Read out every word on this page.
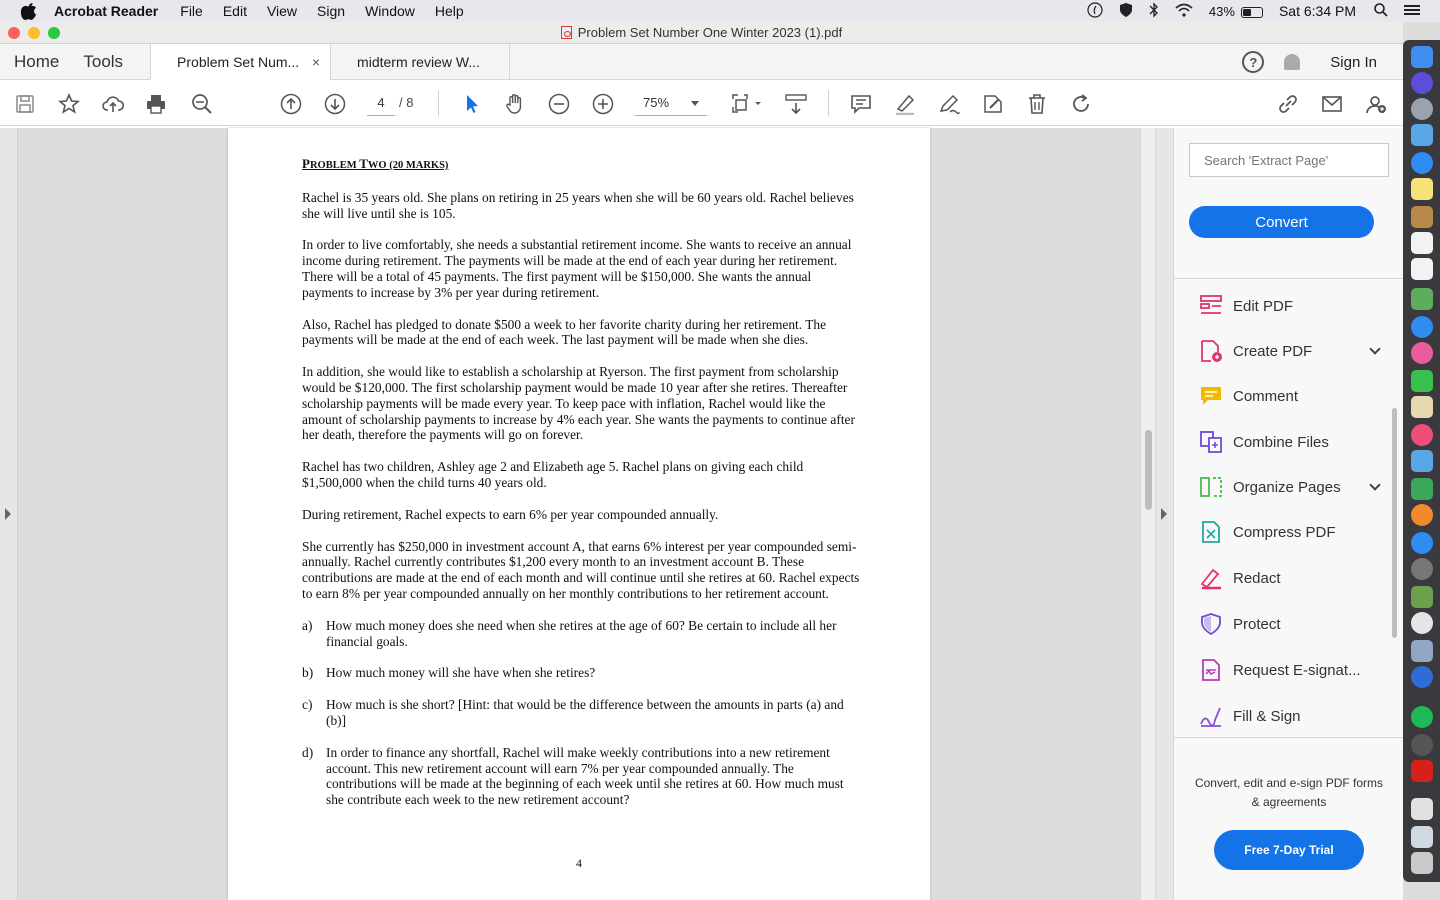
Acrobat Reader File Edit View Sign Window Help	43%	Sat 6:34 PM
Problem Set Number One Winter 2023 (1).pdf
Home	Tools	Problem Set Num... ×	midterm review W...	?	Sign In
4	/ 8	75%
PROBLEM TWO (20 MARKS)
Rachel is 35 years old. She plans on retiring in 25 years when she will be 60 years old. Rachel believes she will live until she is 105.
In order to live comfortably, she needs a substantial retirement income. She wants to receive an annual income during retirement. The payments will be made at the end of each year during her retirement. There will be a total of 45 payments. The first payment will be $150,000. She wants the annual payments to increase by 3% per year during retirement.
Also, Rachel has pledged to donate $500 a week to her favorite charity during her retirement. The payments will be made at the end of each week. The last payment will be made when she dies.
In addition, she would like to establish a scholarship at Ryerson. The first payment from scholarship would be $120,000. The first scholarship payment would be made 10 year after she retires. Thereafter scholarship payments will be made every year. To keep pace with inflation, Rachel would like the amount of scholarship payments to increase by 4% each year. She wants the payments to continue after her death, therefore the payments will go on forever.
Rachel has two children, Ashley age 2 and Elizabeth age 5. Rachel plans on giving each child $1,500,000 when the child turns 40 years old.
During retirement, Rachel expects to earn 6% per year compounded annually.
She currently has $250,000 in investment account A, that earns 6% interest per year compounded semi-annually. Rachel currently contributes $1,200 every month to an investment account B. These contributions are made at the end of each month and will continue until she retires at 60. Rachel expects to earn 8% per year compounded annually on her monthly contributions to her retirement account.
a)	How much money does she need when she retires at the age of 60? Be certain to include all her financial goals.
b) How much money will she have when she retires?
c)	How much is she short? [Hint: that would be the difference between the amounts in parts (a) and (b)]
d) In order to finance any shortfall, Rachel will make weekly contributions into a new retirement account. This new retirement account will earn 7% per year compounded annually. The contributions will be made at the beginning of each week until she retires at 60. How much must she contribute each week to the new retirement account?
4
Search 'Extract Page'
Convert
Edit PDF
Create PDF
Comment
Combine Files
Organize Pages
Compress PDF
Redact
Protect
Request E-signat...
Fill & Sign
Convert, edit and e-sign PDF forms & agreements
Free 7-Day Trial
